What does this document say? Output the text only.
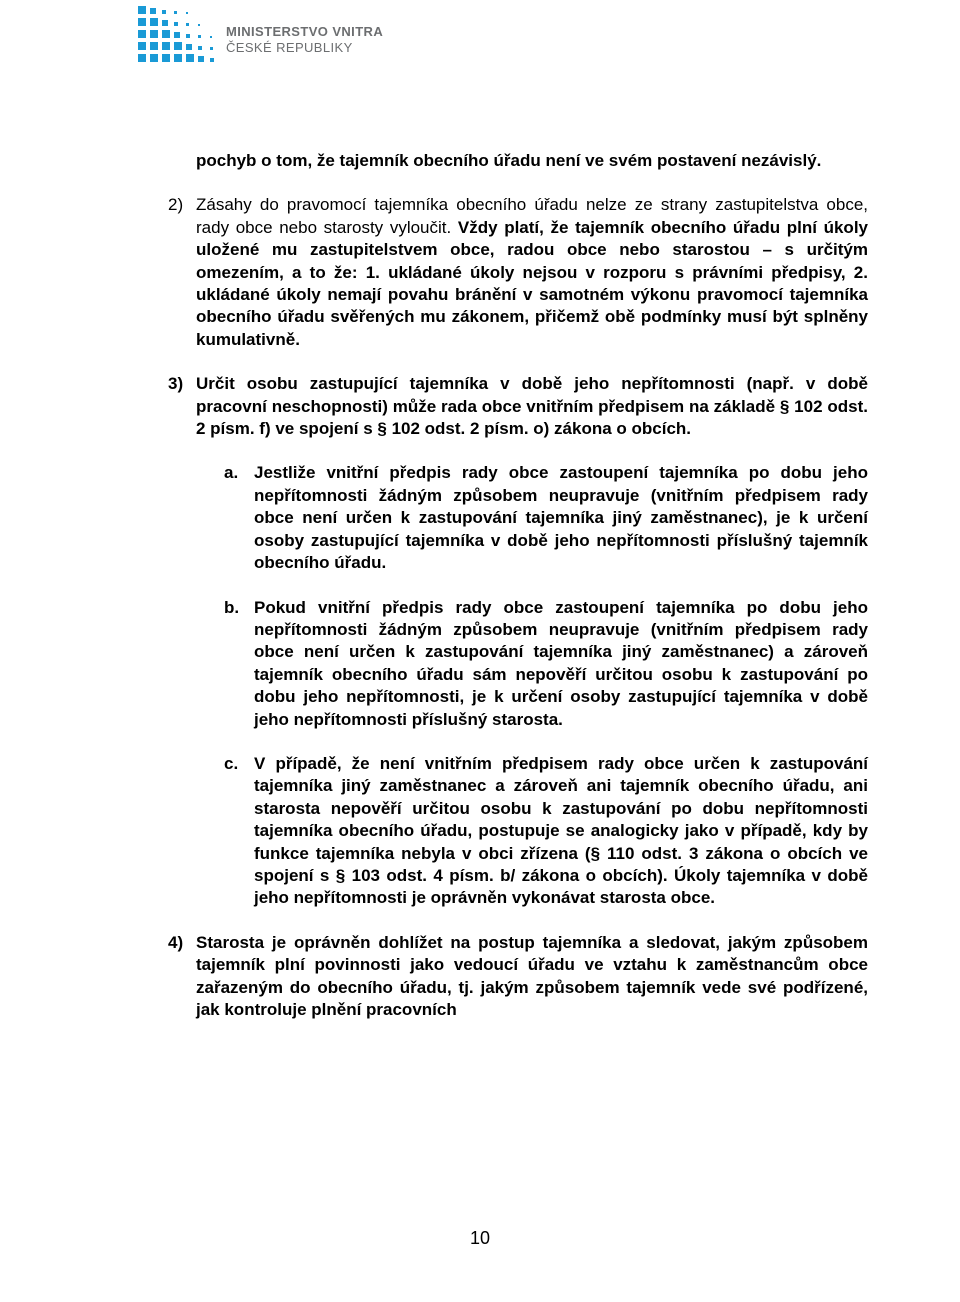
MINISTERSTVO VNITRA
ČESKÉ REPUBLIKY

pochyb o tom, že tajemník obecního úřadu není ve svém postavení nezávislý.

2) Zásahy do pravomocí tajemníka obecního úřadu nelze ze strany zastupitelstva obce, rady obce nebo starosty vyloučit. Vždy platí, že tajemník obecního úřadu plní úkoly uložené mu zastupitelstvem obce, radou obce nebo starostou – s určitým omezením, a to že: 1. ukládané úkoly nejsou v rozporu s právními předpisy, 2. ukládané úkoly nemají povahu bránění v samotném výkonu pravomocí tajemníka obecního úřadu svěřených mu zákonem, přičemž obě podmínky musí být splněny kumulativně.
3) Určit osobu zastupující tajemníka v době jeho nepřítomnosti (např. v době pracovní neschopnosti) může rada obce vnitřním předpisem na základě § 102 odst. 2 písm. f) ve spojení s § 102 odst. 2 písm. o) zákona o obcích.
a. Jestliže vnitřní předpis rady obce zastoupení tajemníka po dobu jeho nepřítomnosti žádným způsobem neupravuje (vnitřním předpisem rady obce není určen k zastupování tajemníka jiný zaměstnanec), je k určení osoby zastupující tajemníka v době jeho nepřítomnosti příslušný tajemník obecního úřadu.
b. Pokud vnitřní předpis rady obce zastoupení tajemníka po dobu jeho nepřítomnosti žádným způsobem neupravuje (vnitřním předpisem rady obce není určen k zastupování tajemníka jiný zaměstnanec) a zároveň tajemník obecního úřadu sám nepověří určitou osobu k zastupování po dobu jeho nepřítomnosti, je k určení osoby zastupující tajemníka v době jeho nepřítomnosti příslušný starosta.
c. V případě, že není vnitřním předpisem rady obce určen k zastupování tajemníka jiný zaměstnanec a zároveň ani tajemník obecního úřadu, ani starosta nepověří určitou osobu k zastupování po dobu nepřítomnosti tajemníka obecního úřadu, postupuje se analogicky jako v případě, kdy by funkce tajemníka nebyla v obci zřízena (§ 110 odst. 3 zákona o obcích ve spojení s § 103 odst. 4 písm. b/ zákona o obcích). Úkoly tajemníka v době jeho nepřítomnosti je oprávněn vykonávat starosta obce.
4) Starosta je oprávněn dohlížet na postup tajemníka a sledovat, jakým způsobem tajemník plní povinnosti jako vedoucí úřadu ve vztahu k zaměstnancům obce zařazeným do obecního úřadu, tj. jakým způsobem tajemník vede své podřízené, jak kontroluje plnění pracovních
10
